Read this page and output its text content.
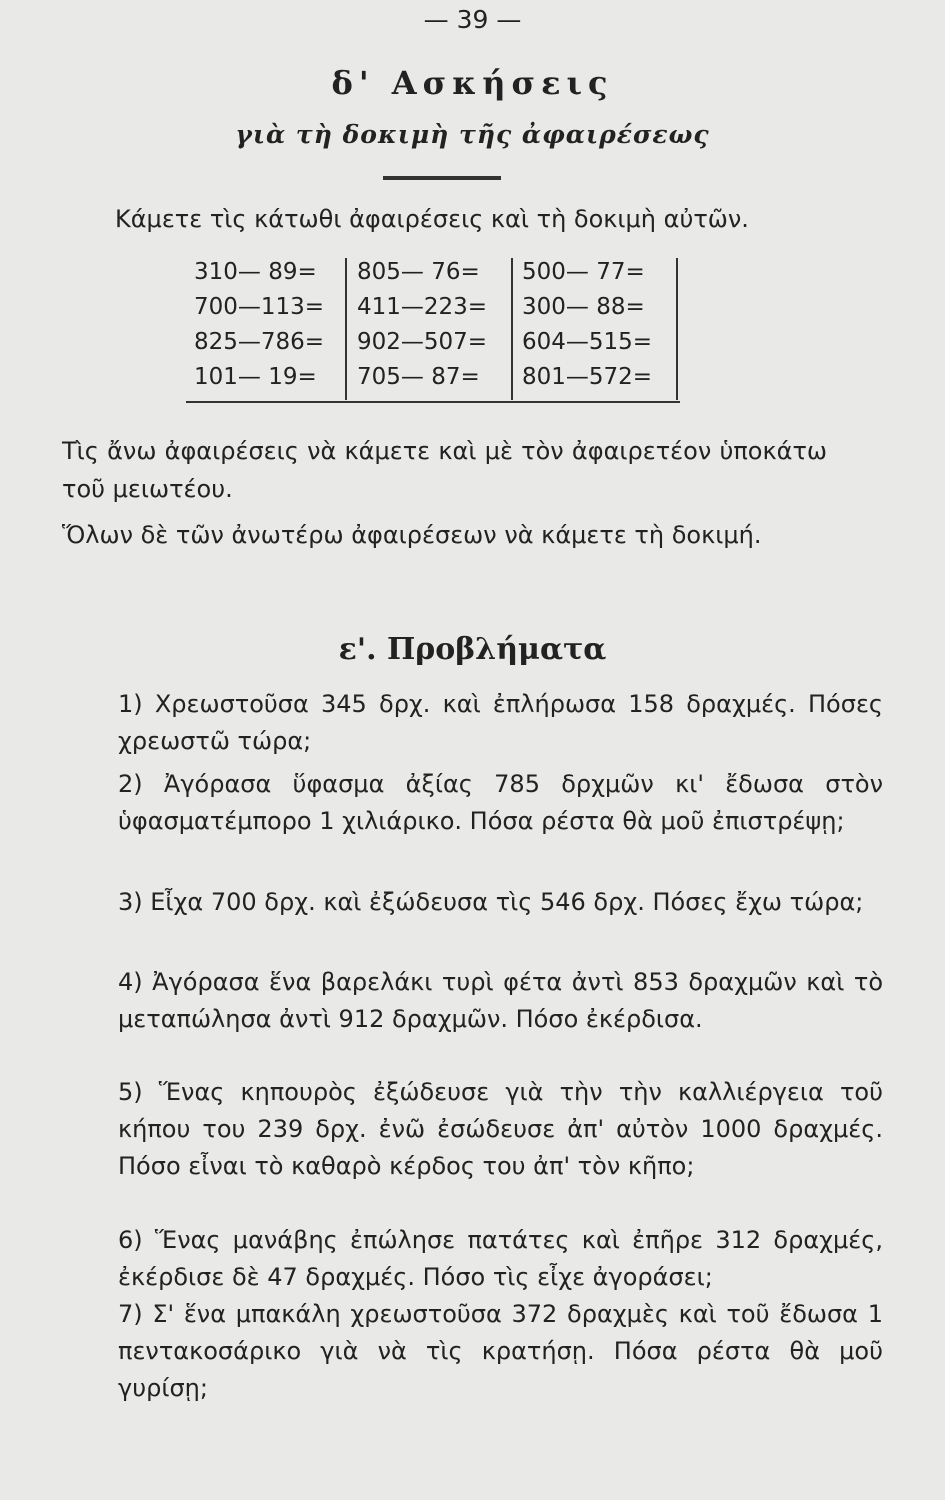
— 39 —
δ' Ασκήσεις
γιὰ τὴ δοκιμὴ τῆς ἀφαιρέσεως
Κάμετε τὶς κάτωθι ἀφαιρέσεις καὶ τὴ δοκιμὴ αὐτῶν.
310— 89=
700—113=
825—786=
101— 19=
805— 76=
411—223=
902—507=
705— 87=
500— 77=
300— 88=
604—515=
801—572=
Τὶς ἄνω ἀφαιρέσεις νὰ κάμετε καὶ μὲ τὸν ἀφαιρετέον ὑποκάτω τοῦ μειωτέου.
Ὅλων δὲ τῶν ἀνωτέρω ἀφαιρέσεων νὰ κάμετε τὴ δοκιμή.
ε'. Προβλήματα
1) Χρεωστοῦσα 345 δρχ. καὶ ἐπλήρωσα 158 δραχμές. Πόσες χρεωστῶ τώρα;
2) Ἀγόρασα ὕφασμα ἀξίας 785 δρχμῶν κι' ἔδωσα στὸν ὑφασματέμπορο 1 χιλιάρικο. Πόσα ρέστα θὰ μοῦ ἐπιστρέψῃ;
3) Εἶχα 700 δρχ. καὶ ἐξώδευσα τὶς 546 δρχ. Πόσες ἔχω τώρα;
4) Ἀγόρασα ἕνα βαρελάκι τυρὶ φέτα ἀντὶ 853 δραχμῶν καὶ τὸ μεταπώλησα ἀντὶ 912 δραχμῶν. Πόσο ἐκέρδισα.
5) Ἕνας κηπουρὸς ἐξώδευσε γιὰ τὴν τὴν καλλιέργεια τοῦ κήπου του 239 δρχ. ἐνῶ ἐσώδευσε ἀπ' αὐτὸν 1000 δραχμές. Πόσο εἶναι τὸ καθαρὸ κέρδος του ἀπ' τὸν κῆπο;
6) Ἕνας μανάβης ἐπώλησε πατάτες καὶ ἐπῆρε 312 δραχμές, ἐκέρδισε δὲ 47 δραχμές. Πόσο τὶς εἶχε ἀγοράσει;
7) Σ' ἕνα μπακάλη χρεωστοῦσα 372 δραχμὲς καὶ τοῦ ἔδωσα 1 πεντακοσάρικο γιὰ νὰ τὶς κρατήσῃ. Πόσα ρέστα θὰ μοῦ γυρίσῃ;
